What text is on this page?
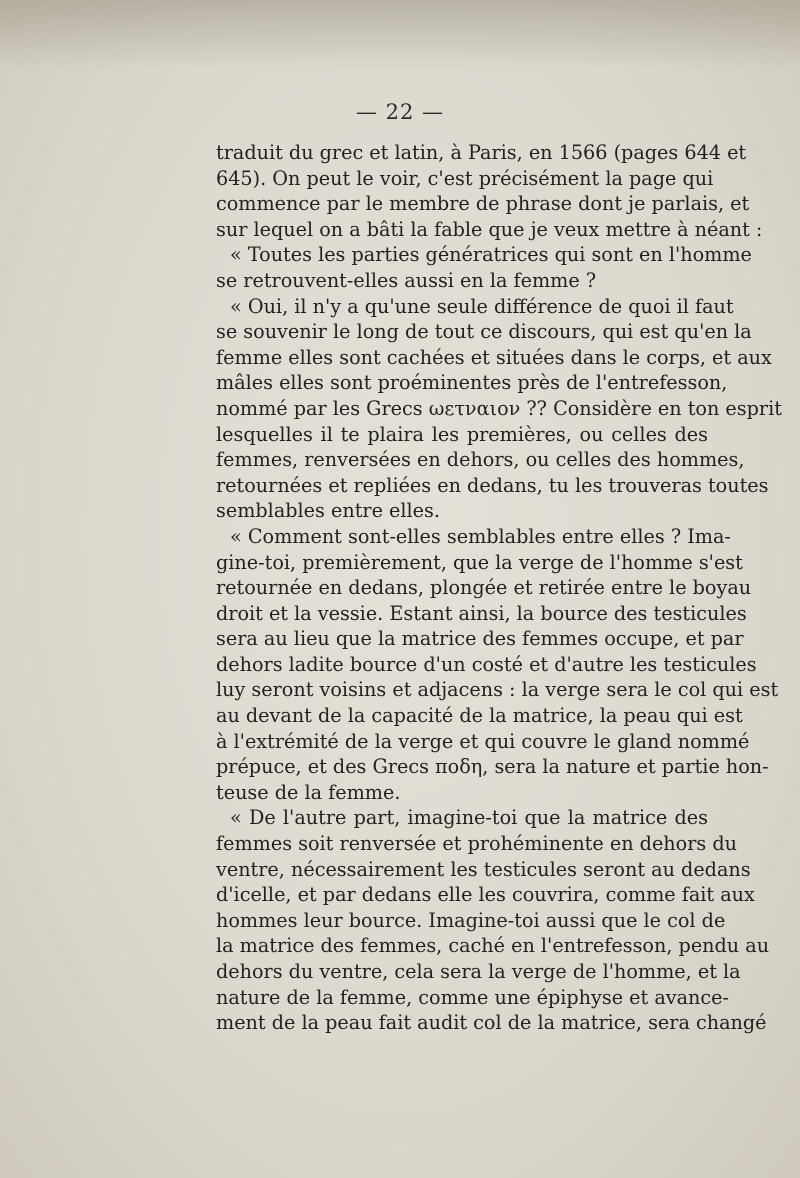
— 22 —
traduit du grec et latin, à Paris, en 1566 (pages 644 et
645). On peut le voir, c'est précisément la page qui
commence par le membre de phrase dont je parlais, et
sur lequel on a bâti la fable que je veux mettre à néant :
« Toutes les parties génératrices qui sont en l'homme
se retrouvent-elles aussi en la femme ?
« Oui, il n'y a qu'une seule différence de quoi il faut
se souvenir le long de tout ce discours, qui est qu'en la
femme elles sont cachées et situées dans le corps, et aux
mâles elles sont proéminentes près de l'entrefesson,
nommé par les Grecs ωετναιον ?? Considère en ton esprit
lesquelles il te plaira les premières, ou celles des
femmes, renversées en dehors, ou celles des hommes,
retournées et repliées en dedans, tu les trouveras toutes
semblables entre elles.
« Comment sont-elles semblables entre elles ? Ima-
gine-toi, premièrement, que la verge de l'homme s'est
retournée en dedans, plongée et retirée entre le boyau
droit et la vessie. Estant ainsi, la bource des testicules
sera au lieu que la matrice des femmes occupe, et par
dehors ladite bource d'un costé et d'autre les testicules
luy seront voisins et adjacens : la verge sera le col qui est
au devant de la capacité de la matrice, la peau qui est
à l'extrémité de la verge et qui couvre le gland nommé
prépuce, et des Grecs ποδη, sera la nature et partie hon-
teuse de la femme.
« De l'autre part, imagine-toi que la matrice des
femmes soit renversée et prohéminente en dehors du
ventre, nécessairement les testicules seront au dedans
d'icelle, et par dedans elle les couvrira, comme fait aux
hommes leur bource. Imagine-toi aussi que le col de
la matrice des femmes, caché en l'entrefesson, pendu au
dehors du ventre, cela sera la verge de l'homme, et la
nature de la femme, comme une épiphyse et avance-
ment de la peau fait audit col de la matrice, sera changé
